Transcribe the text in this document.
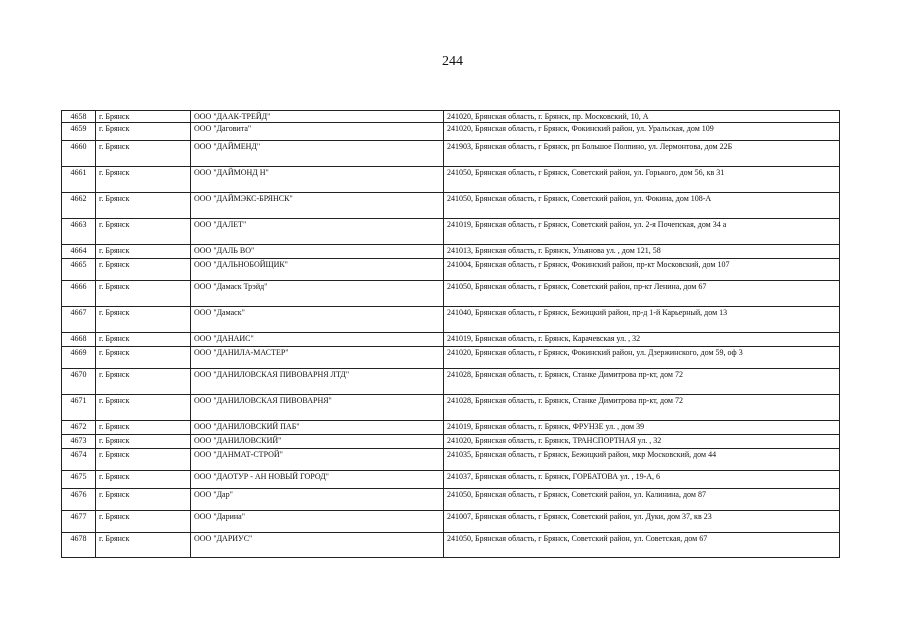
244
4658	г. Брянск	ООО "ДААК-ТРЕЙД"	241020, Брянская область, г. Брянск, пр. Московский, 10, А
4659	г. Брянск	ООО "Даговита"	241020, Брянская область, г Брянск, Фокинский район, ул. Уральская, дом 109
4660	г. Брянск	ООО "ДАЙМЕНД"	241903, Брянская область, г Брянск, рп Большое Полпино, ул. Лермонтова, дом 22Б
4661	г. Брянск	ООО "ДАЙМОНД Н"	241050, Брянская область, г Брянск, Советский район, ул. Горького, дом 56, кв 31
4662	г. Брянск	ООО "ДАЙМЭКС-БРЯНСК"	241050, Брянская область, г Брянск, Советский район, ул. Фокина, дом 108-А
4663	г. Брянск	ООО "ДАЛЕТ"	241019, Брянская область, г Брянск, Советский район, ул. 2-я Почепская, дом 34 а
4664	г. Брянск	ООО "ДАЛЬ ВО"	241013, Брянская область, г. Брянск, Ульянова ул. , дом 121, 58
4665	г. Брянск	ООО "ДАЛЬНОБОЙЩИК"	241004, Брянская область, г Брянск, Фокинский район, пр-кт Московский, дом 107
4666	г. Брянск	ООО "Дамаск Трэйд"	241050, Брянская область, г Брянск, Советский район, пр-кт Ленина, дом 67
4667	г. Брянск	ООО "Дамаск"	241040, Брянская область, г Брянск, Бежицкий район, пр-д 1-й Карьерный, дом 13
4668	г. Брянск	ООО "ДАНАИС"	241019, Брянская область, г. Брянск, Карачевская ул. , 32
4669	г. Брянск	ООО "ДАНИЛА-МАСТЕР"	241020, Брянская область, г Брянск, Фокинский район, ул. Дзержинского, дом 59, оф 3
4670	г. Брянск	ООО "ДАНИЛОВСКАЯ ПИВОВАРНЯ ЛТД"	241028, Брянская область, г. Брянск, Станке Димитрова пр-кт, дом 72
4671	г. Брянск	ООО "ДАНИЛОВСКАЯ ПИВОВАРНЯ"	241028, Брянская область, г. Брянск, Станке Димитрова пр-кт, дом 72
4672	г. Брянск	ООО "ДАНИЛОВСКИЙ ПАБ"	241019, Брянская область, г. Брянск, ФРУНЗЕ ул. , дом 39
4673	г. Брянск	ООО "ДАНИЛОВСКИЙ"	241020, Брянская область, г. Брянск, ТРАНСПОРТНАЯ ул. , 32
4674	г. Брянск	ООО "ДАНМАТ-СТРОЙ"	241035, Брянская область, г Брянск, Бежицкий район, мкр Московский, дом 44
4675	г. Брянск	ООО "ДАОТУР - АН НОВЫЙ ГОРОД"	241037, Брянская область, г. Брянск, ГОРБАТОВА ул. , 19-А, 6
4676	г. Брянск	ООО "Дар"	241050, Брянская область, г Брянск, Советский район, ул. Калинина, дом 87
4677	г. Брянск	ООО "Дарина"	241007, Брянская область, г Брянск, Советский район, ул. Дуки, дом 37, кв 23
4678	г. Брянск	ООО "ДАРИУС"	241050, Брянская область, г Брянск, Советский район, ул. Советская, дом 67
